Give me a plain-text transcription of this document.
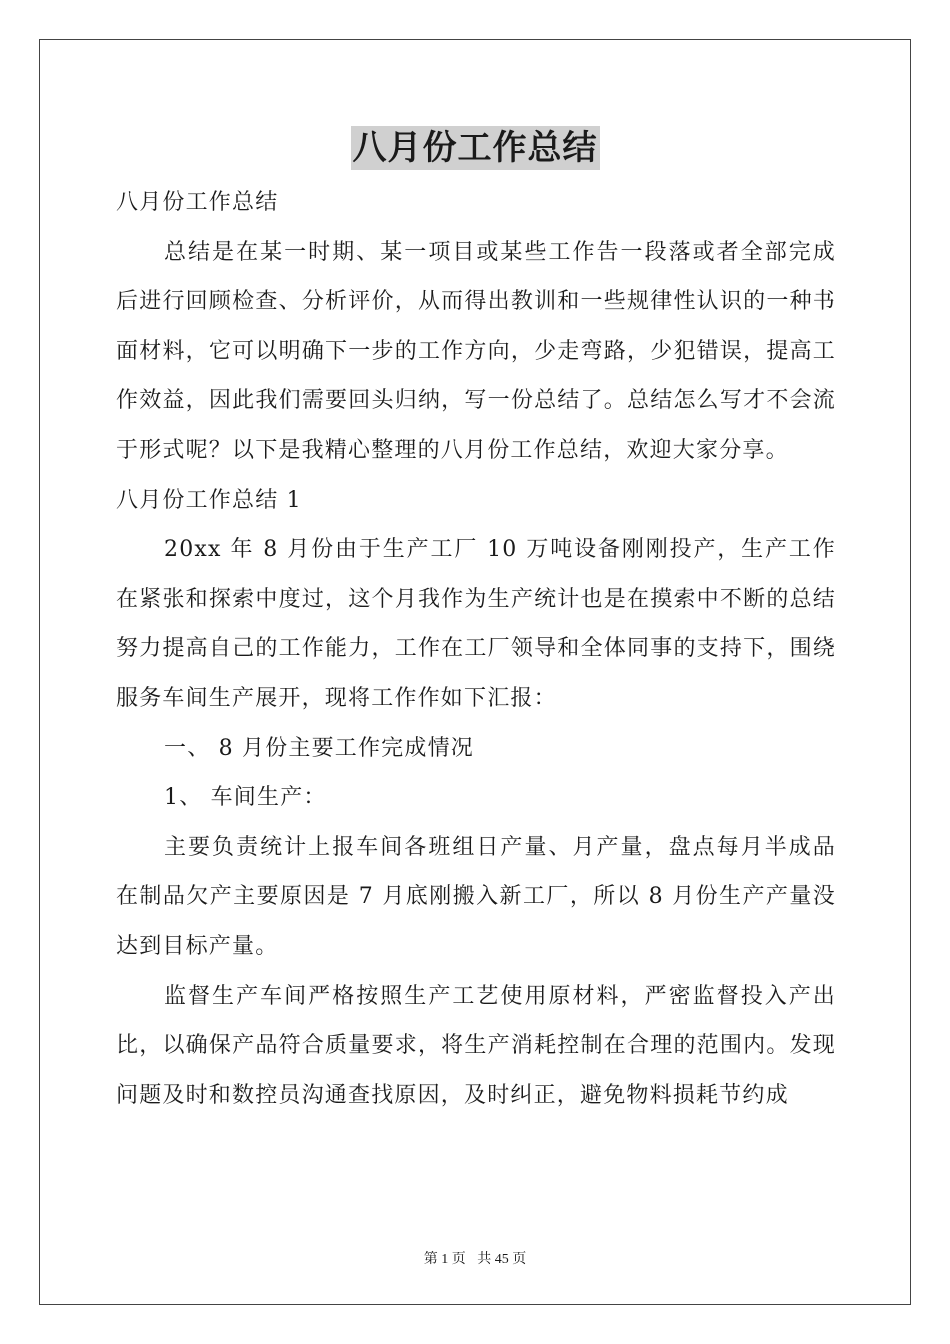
八月份工作总结

八月份工作总结

总结是在某一时期、某一项目或某些工作告一段落或者全部完成后进行回顾检查、分析评价，从而得出教训和一些规律性认识的一种书面材料，它可以明确下一步的工作方向，少走弯路，少犯错误，提高工作效益，因此我们需要回头归纳，写一份总结了。总结怎么写才不会流于形式呢？以下是我精心整理的八月份工作总结，欢迎大家分享。

八月份工作总结 1

20xx 年 8 月份由于生产工厂 10 万吨设备刚刚投产，生产工作在紧张和探索中度过，这个月我作为生产统计也是在摸索中不断的总结努力提高自己的工作能力，工作在工厂领导和全体同事的支持下，围绕服务车间生产展开，现将工作作如下汇报：

一、 8 月份主要工作完成情况

1、 车间生产：

主要负责统计上报车间各班组日产量、月产量，盘点每月半成品在制品欠产主要原因是 7 月底刚搬入新工厂，所以 8 月份生产产量没达到目标产量。

监督生产车间严格按照生产工艺使用原材料，严密监督投入产出比，以确保产品符合质量要求，将生产消耗控制在合理的范围内。发现问题及时和数控员沟通查找原因，及时纠正，避免物料损耗节约成

第 1 页 共 45 页
